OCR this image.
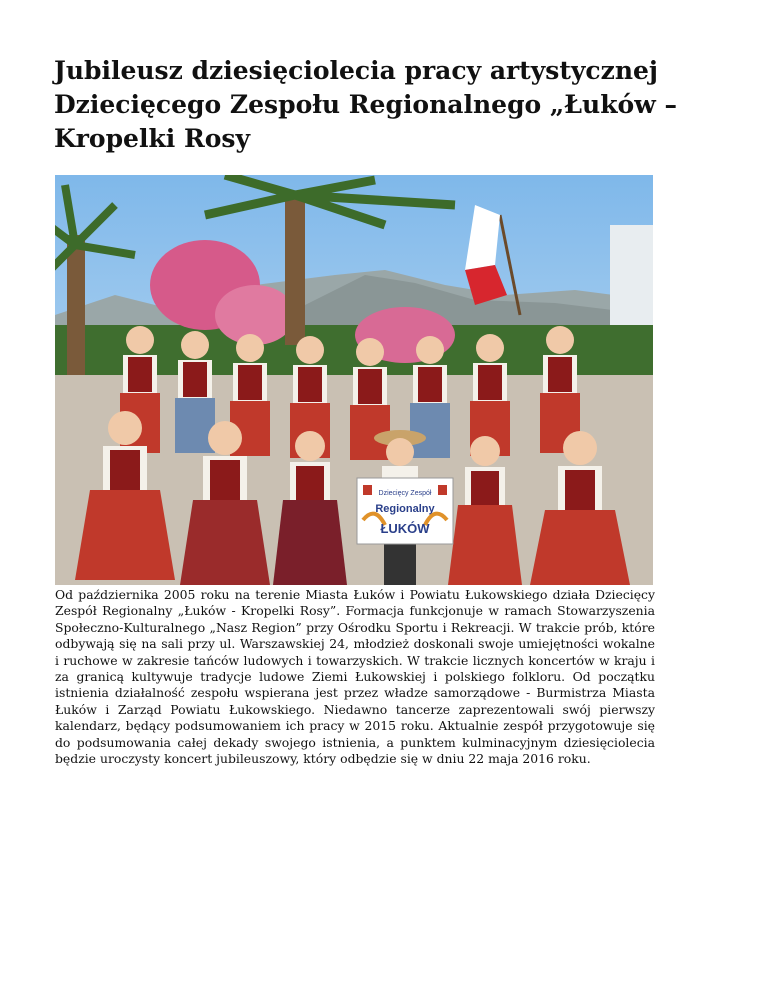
Jubileusz dziesięciolecia pracy artystycznej Dziecięcego Zespołu Regionalnego „Łuków – Kropelki Rosy
Dziecięcy Zespół
Regionalny
ŁUKÓW

Od października 2005 roku na terenie Miasta Łuków i Powiatu Łukowskiego działa Dziecięcy Zespół Regionalny „Łuków - Kropelki Rosy”. Formacja funkcjonuje w ramach Stowarzyszenia Społeczno-Kulturalnego „Nasz Region” przy Ośrodku Sportu i Rekreacji. W trakcie prób, które odbywają się na sali przy ul. Warszawskiej 24, młodzież doskonali swoje umiejętności wokalne i ruchowe w zakresie tańców ludowych i towarzyskich. W trakcie licznych koncertów w kraju i za granicą kultywuje tradycje ludowe Ziemi Łukowskiej i polskiego folkloru. Od początku istnienia działalność zespołu wspierana jest przez władze samorządowe - Burmistrza Miasta Łuków i Zarząd Powiatu Łukowskiego. Niedawno tancerze zaprezentowali swój pierwszy kalendarz, będący podsumowaniem ich pracy w 2015 roku. Aktualnie zespół przygotowuje się do podsumowania całej dekady swojego istnienia, a punktem kulminacyjnym dziesięciolecia będzie uroczysty koncert jubileuszowy, który odbędzie się w dniu 22 maja 2016 roku.
